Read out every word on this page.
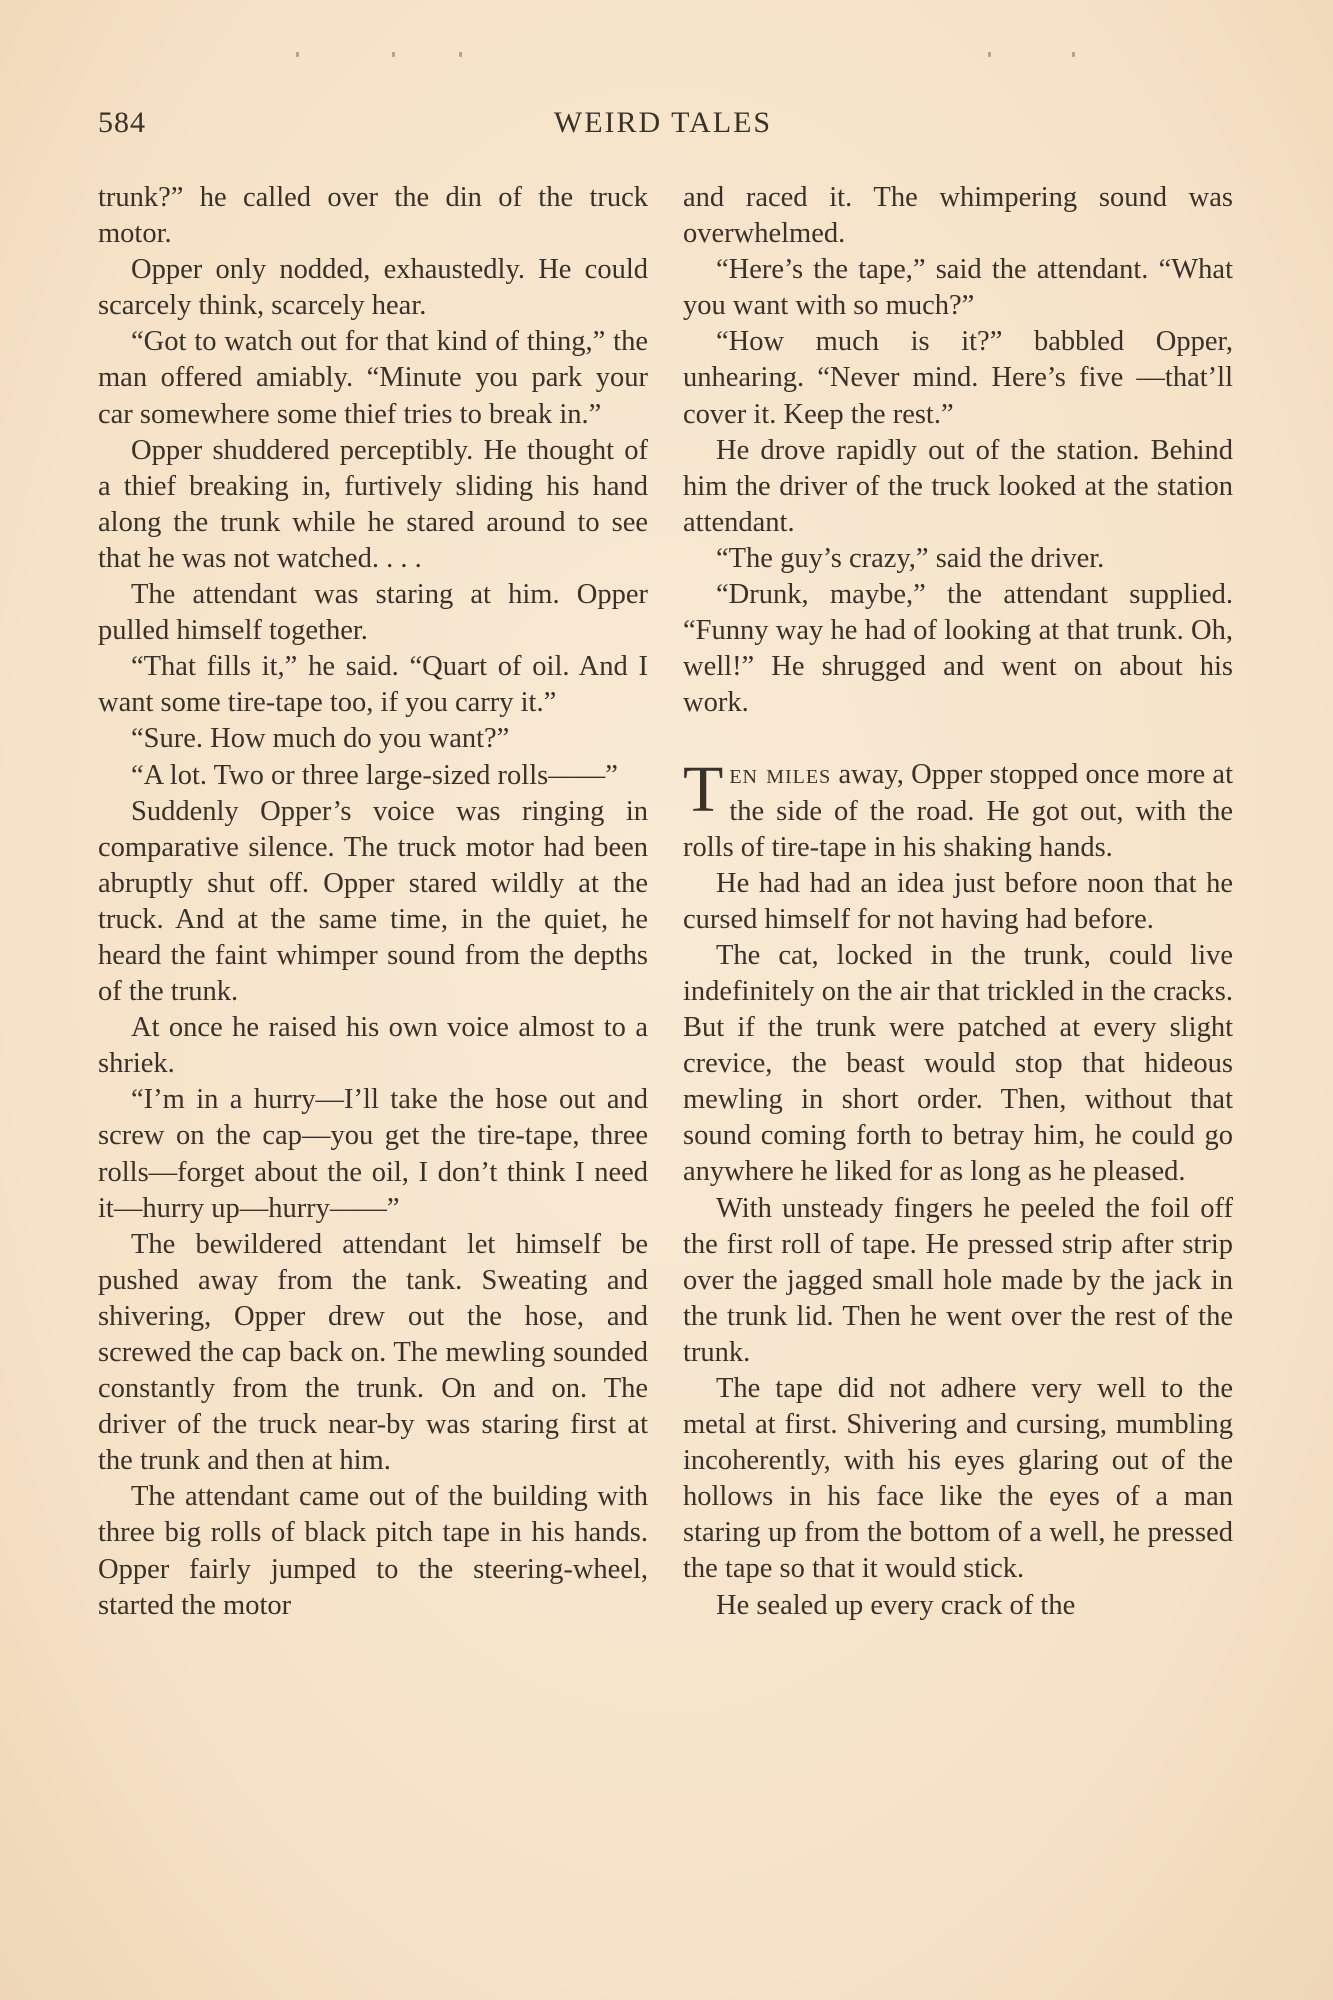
584	WEIRD TALES

trunk?” he called over the din of the truck motor.

Opper only nodded, exhaustedly. He could scarcely think, scarcely hear.

“Got to watch out for that kind of thing,” the man offered amiably. “Minute you park your car somewhere some thief tries to break in.”

Opper shuddered perceptibly. He thought of a thief breaking in, furtively sliding his hand along the trunk while he stared around to see that he was not watched. . . .

The attendant was staring at him. Opper pulled himself together.

“That fills it,” he said. “Quart of oil. And I want some tire-tape too, if you carry it.”

“Sure. How much do you want?”

“A lot. Two or three large-sized rolls——”

Suddenly Opper’s voice was ringing in comparative silence. The truck motor had been abruptly shut off. Opper stared wildly at the truck. And at the same time, in the quiet, he heard the faint whimper sound from the depths of the trunk.

At once he raised his own voice almost to a shriek.

“I’m in a hurry—I’ll take the hose out and screw on the cap—you get the tire-tape, three rolls—forget about the oil, I don’t think I need it—hurry up—hurry——”

The bewildered attendant let himself be pushed away from the tank. Sweating and shivering, Opper drew out the hose, and screwed the cap back on. The mewling sounded constantly from the trunk. On and on. The driver of the truck near-by was staring first at the trunk and then at him.

The attendant came out of the building with three big rolls of black pitch tape in his hands. Opper fairly jumped to the steering-wheel, started the motor

and raced it. The whimpering sound was overwhelmed.

“Here’s the tape,” said the attendant. “What you want with so much?”

“How much is it?” babbled Opper, unhearing. “Never mind. Here’s five —that’ll cover it. Keep the rest.”

He drove rapidly out of the station. Behind him the driver of the truck looked at the station attendant.

“The guy’s crazy,” said the driver.

“Drunk, maybe,” the attendant supplied. “Funny way he had of looking at that trunk. Oh, well!” He shrugged and went on about his work.

Ten miles away, Opper stopped once more at the side of the road. He got out, with the rolls of tire-tape in his shaking hands.

He had had an idea just before noon that he cursed himself for not having had before.

The cat, locked in the trunk, could live indefinitely on the air that trickled in the cracks. But if the trunk were patched at every slight crevice, the beast would stop that hideous mewling in short order. Then, without that sound coming forth to betray him, he could go anywhere he liked for as long as he pleased.

With unsteady fingers he peeled the foil off the first roll of tape. He pressed strip after strip over the jagged small hole made by the jack in the trunk lid. Then he went over the rest of the trunk.

The tape did not adhere very well to the metal at first. Shivering and cursing, mumbling incoherently, with his eyes glaring out of the hollows in his face like the eyes of a man staring up from the bottom of a well, he pressed the tape so that it would stick.

He sealed up every crack of the
